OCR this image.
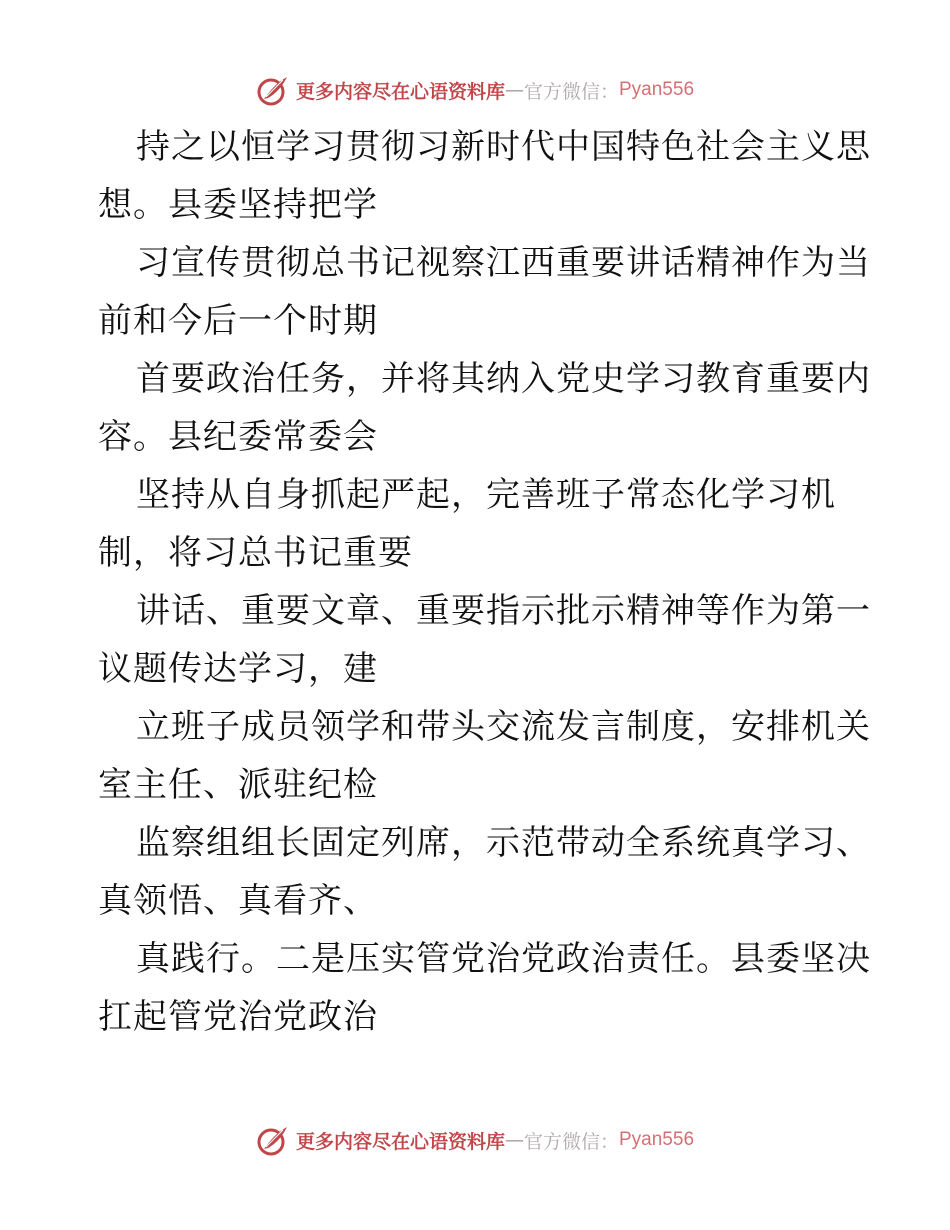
更多内容尽在心语资料库 — 官方微信： Pyan556

持之以恒学习贯彻习新时代中国特色社会主义思

想。县委坚持把学

习宣传贯彻总书记视察江西重要讲话精神作为当

前和今后一个时期

首要政治任务，并将其纳入党史学习教育重要内

容。县纪委常委会

坚持从自身抓起严起，完善班子常态化学习机

制，将习总书记重要

讲话、重要文章、重要指示批示精神等作为第一

议题传达学习，建

立班子成员领学和带头交流发言制度，安排机关

室主任、派驻纪检

监察组组长固定列席，示范带动全系统真学习、

真领悟、真看齐、

真践行。二是压实管党治党政治责任。县委坚决

扛起管党治党政治

更多内容尽在心语资料库 — 官方微信： Pyan556
